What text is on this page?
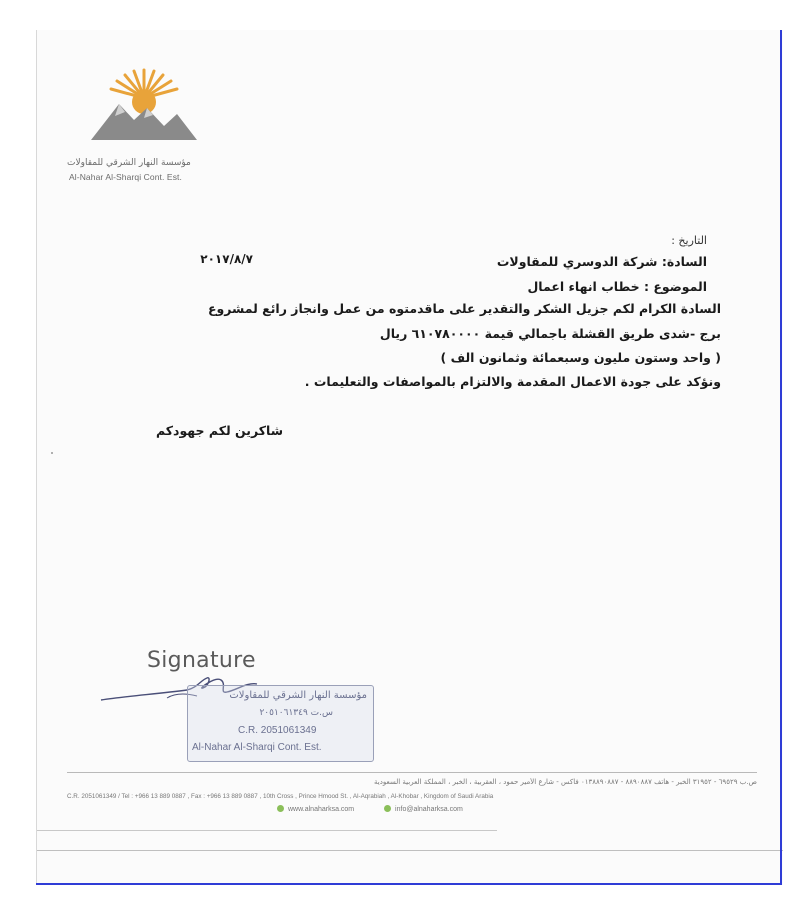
مؤسسة النهار الشرقي للمقاولات
Al-Nahar Al-Sharqi Cont. Est.
التاريخ :
٢٠١٧/٨/٧	السادة: شركة الدوسري للمقاولات
الموضوع : خطاب انهاء اعمال
السادة الكرام لكم جزيل الشكر والتقدير على ماقدمتوه من عمل وانجاز رائع لمشروع
برج -شدى طريق القشلة باجمالي قيمة ٦١٠٧٨٠٠٠٠ ريال
( واحد وستون مليون وسبعمائة وثمانون الف )
ونؤكد على جودة الاعمال المقدمة والالتزام بالمواصفات والتعليمات .
شاكرين لكم جهودكم
Signature
مؤسسة النهار الشرقي للمقاولات
س.ت ٢٠٥١٠٦١٣٤٩
C.R. 2051061349
Al-Nahar Al-Sharqi Cont. Est.
ص.ب ٦٩٥٢٩ - ٣١٩٥٢ الخبر - هاتف ٨٨٩٠٨٨٧ - ٠١٣٨٨٩٠٨٨٧ فاكس - شارع الأمير حمود ، العقربية ، الخبر ، المملكة العربية السعودية
C.R. 2051061349 / Tel : +966 13 889 0887 , Fax : +966 13 889 0887 , 10th Cross , Prince Hmood St. , Al-Aqrabiah , Al-Khobar , Kingdom of Saudi Arabia
www.alnaharksa.com	info@alnaharksa.com
